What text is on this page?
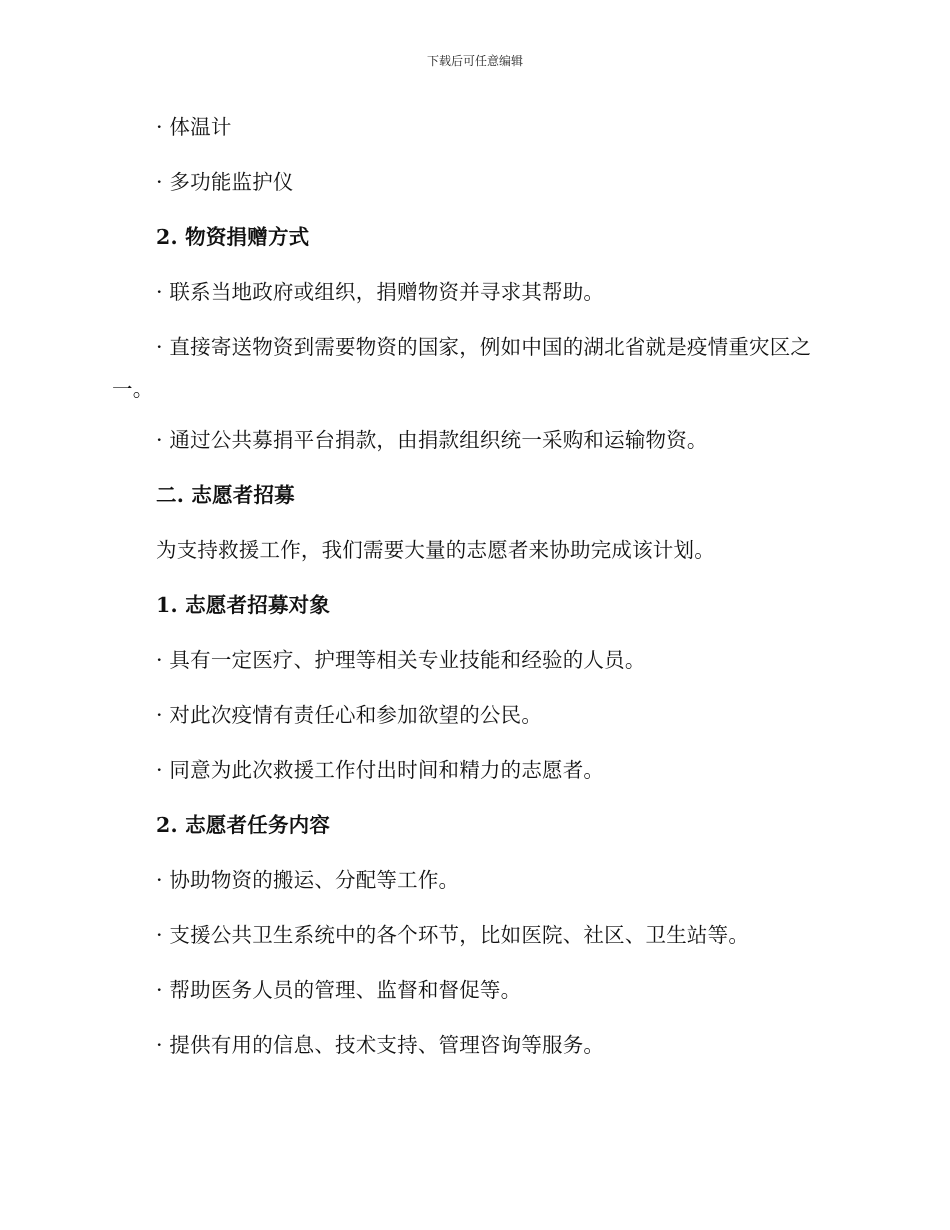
下载后可任意编辑
· 体温计
· 多功能监护仪
2. 物资捐赠方式
· 联系当地政府或组织，捐赠物资并寻求其帮助。
· 直接寄送物资到需要物资的国家，例如中国的湖北省就是疫情重灾区之一。
· 通过公共募捐平台捐款，由捐款组织统一采购和运输物资。
二. 志愿者招募
为支持救援工作，我们需要大量的志愿者来协助完成该计划。
1. 志愿者招募对象
· 具有一定医疗、护理等相关专业技能和经验的人员。
· 对此次疫情有责任心和参加欲望的公民。
· 同意为此次救援工作付出时间和精力的志愿者。
2. 志愿者任务内容
· 协助物资的搬运、分配等工作。
· 支援公共卫生系统中的各个环节，比如医院、社区、卫生站等。
· 帮助医务人员的管理、监督和督促等。
· 提供有用的信息、技术支持、管理咨询等服务。
